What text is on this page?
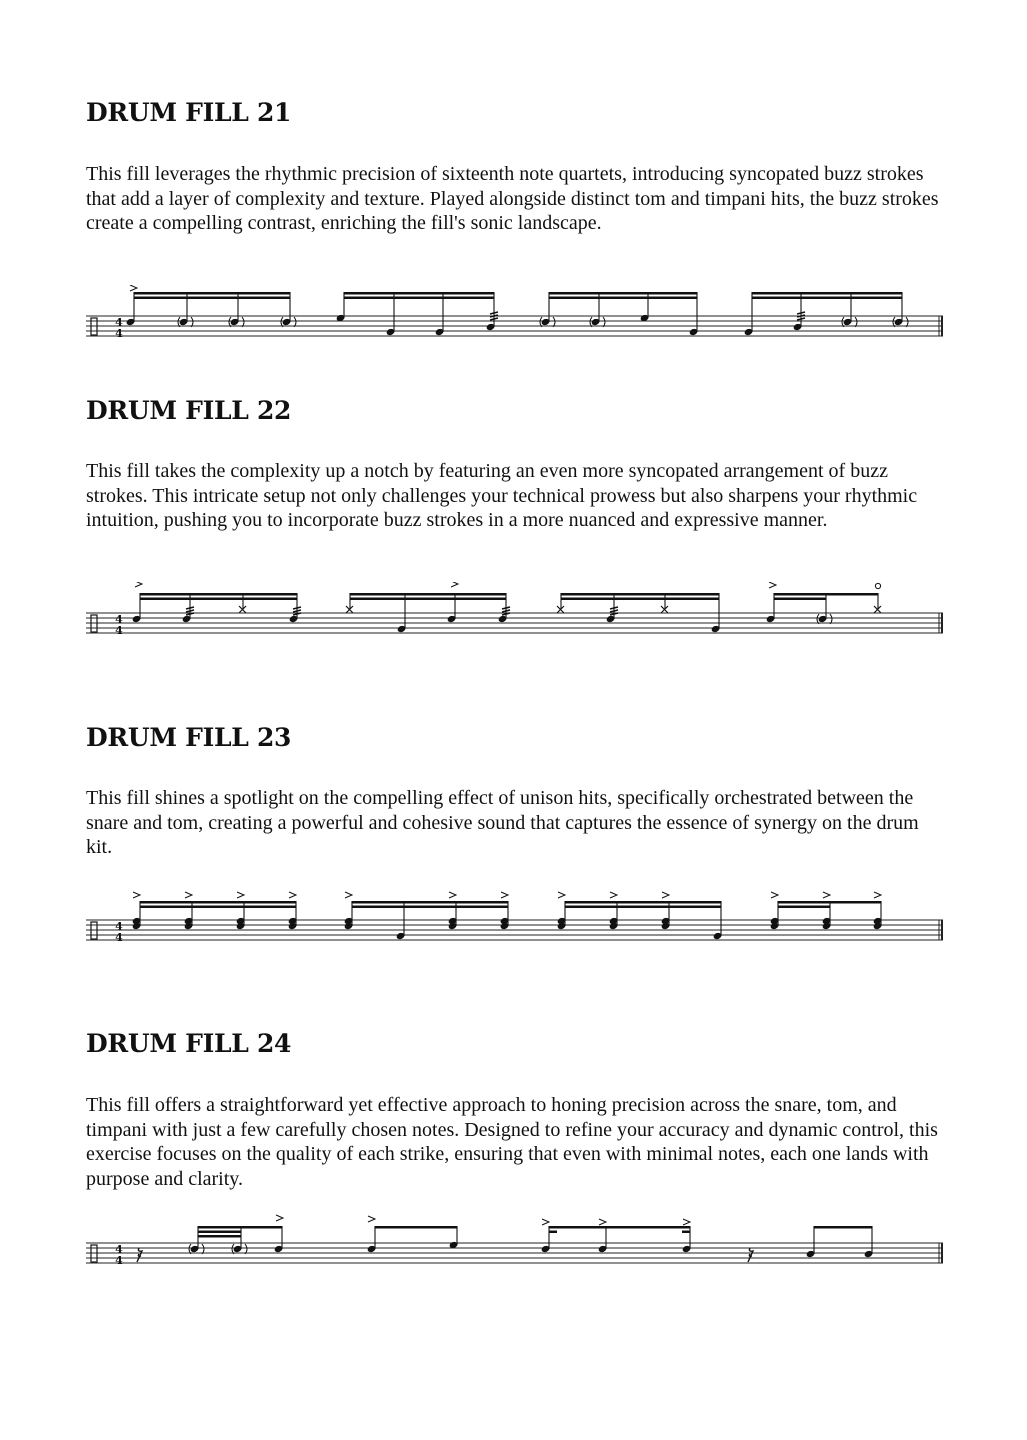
DRUM FILL 21

This fill leverages the rhythmic precision of sixteenth note quartets, introducing syncopated buzz strokes that add a layer of complexity and texture. Played alongside distinct tom and timpani hits, the buzz strokes create a compelling contrast, enriching the fill's sonic landscape.

4
4
DRUM FILL 22

This fill takes the complexity up a notch by featuring an even more syncopated arrangement of buzz strokes. This intricate setup not only challenges your technical prowess but also sharpens your rhythmic intuition, pushing you to incorporate buzz strokes in a more nuanced and expressive manner.

4
4
DRUM FILL 23

This fill shines a spotlight on the compelling effect of unison hits, specifically orchestrated between the snare and tom, creating a powerful and cohesive sound that captures the essence of synergy on the drum kit.

4
4
DRUM FILL 24

This fill offers a straightforward yet effective approach to honing precision across the snare, tom, and timpani with just a few carefully chosen notes. Designed to refine your accuracy and dynamic control, this exercise focuses on the quality of each strike, ensuring that even with minimal notes, each one lands with purpose and clarity.

4
4
